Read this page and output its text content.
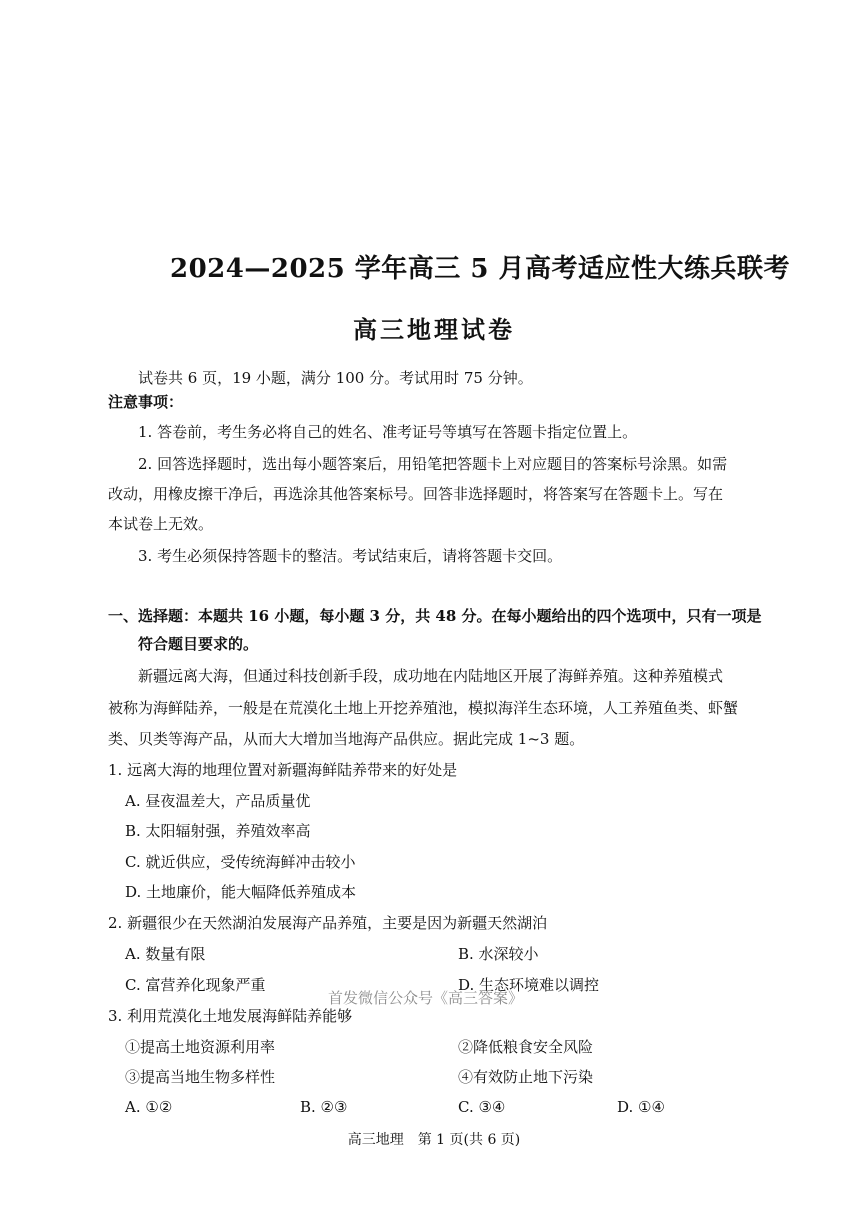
2024—2025 学年高三 5 月高考适应性大练兵联考
高三地理试卷
试卷共 6 页，19 小题，满分 100 分。考试用时 75 分钟。
注意事项：
1. 答卷前，考生务必将自己的姓名、准考证号等填写在答题卡指定位置上。
2. 回答选择题时，选出每小题答案后，用铅笔把答题卡上对应题目的答案标号涂黑。如需
改动，用橡皮擦干净后，再选涂其他答案标号。回答非选择题时，将答案写在答题卡上。写在
本试卷上无效。
3. 考生必须保持答题卡的整洁。考试结束后，请将答题卡交回。
一、选择题：本题共 16 小题，每小题 3 分，共 48 分。在每小题给出的四个选项中，只有一项是
符合题目要求的。
新疆远离大海，但通过科技创新手段，成功地在内陆地区开展了海鲜养殖。这种养殖模式
被称为海鲜陆养，一般是在荒漠化土地上开挖养殖池，模拟海洋生态环境，人工养殖鱼类、虾蟹
类、贝类等海产品，从而大大增加当地海产品供应。据此完成 1~3 题。
1. 远离大海的地理位置对新疆海鲜陆养带来的好处是
A. 昼夜温差大，产品质量优
B. 太阳辐射强，养殖效率高
C. 就近供应，受传统海鲜冲击较小
D. 土地廉价，能大幅降低养殖成本
2. 新疆很少在天然湖泊发展海产品养殖，主要是因为新疆天然湖泊
A. 数量有限	B. 水深较小
C. 富营养化现象严重	D. 生态环境难以调控
首发微信公众号《高三答案》
3. 利用荒漠化土地发展海鲜陆养能够
①提高土地资源利用率	②降低粮食安全风险
③提高当地生物多样性	④有效防止地下污染
A. ①②	B. ②③	C. ③④	D. ①④
高三地理　第 1 页(共 6 页)
